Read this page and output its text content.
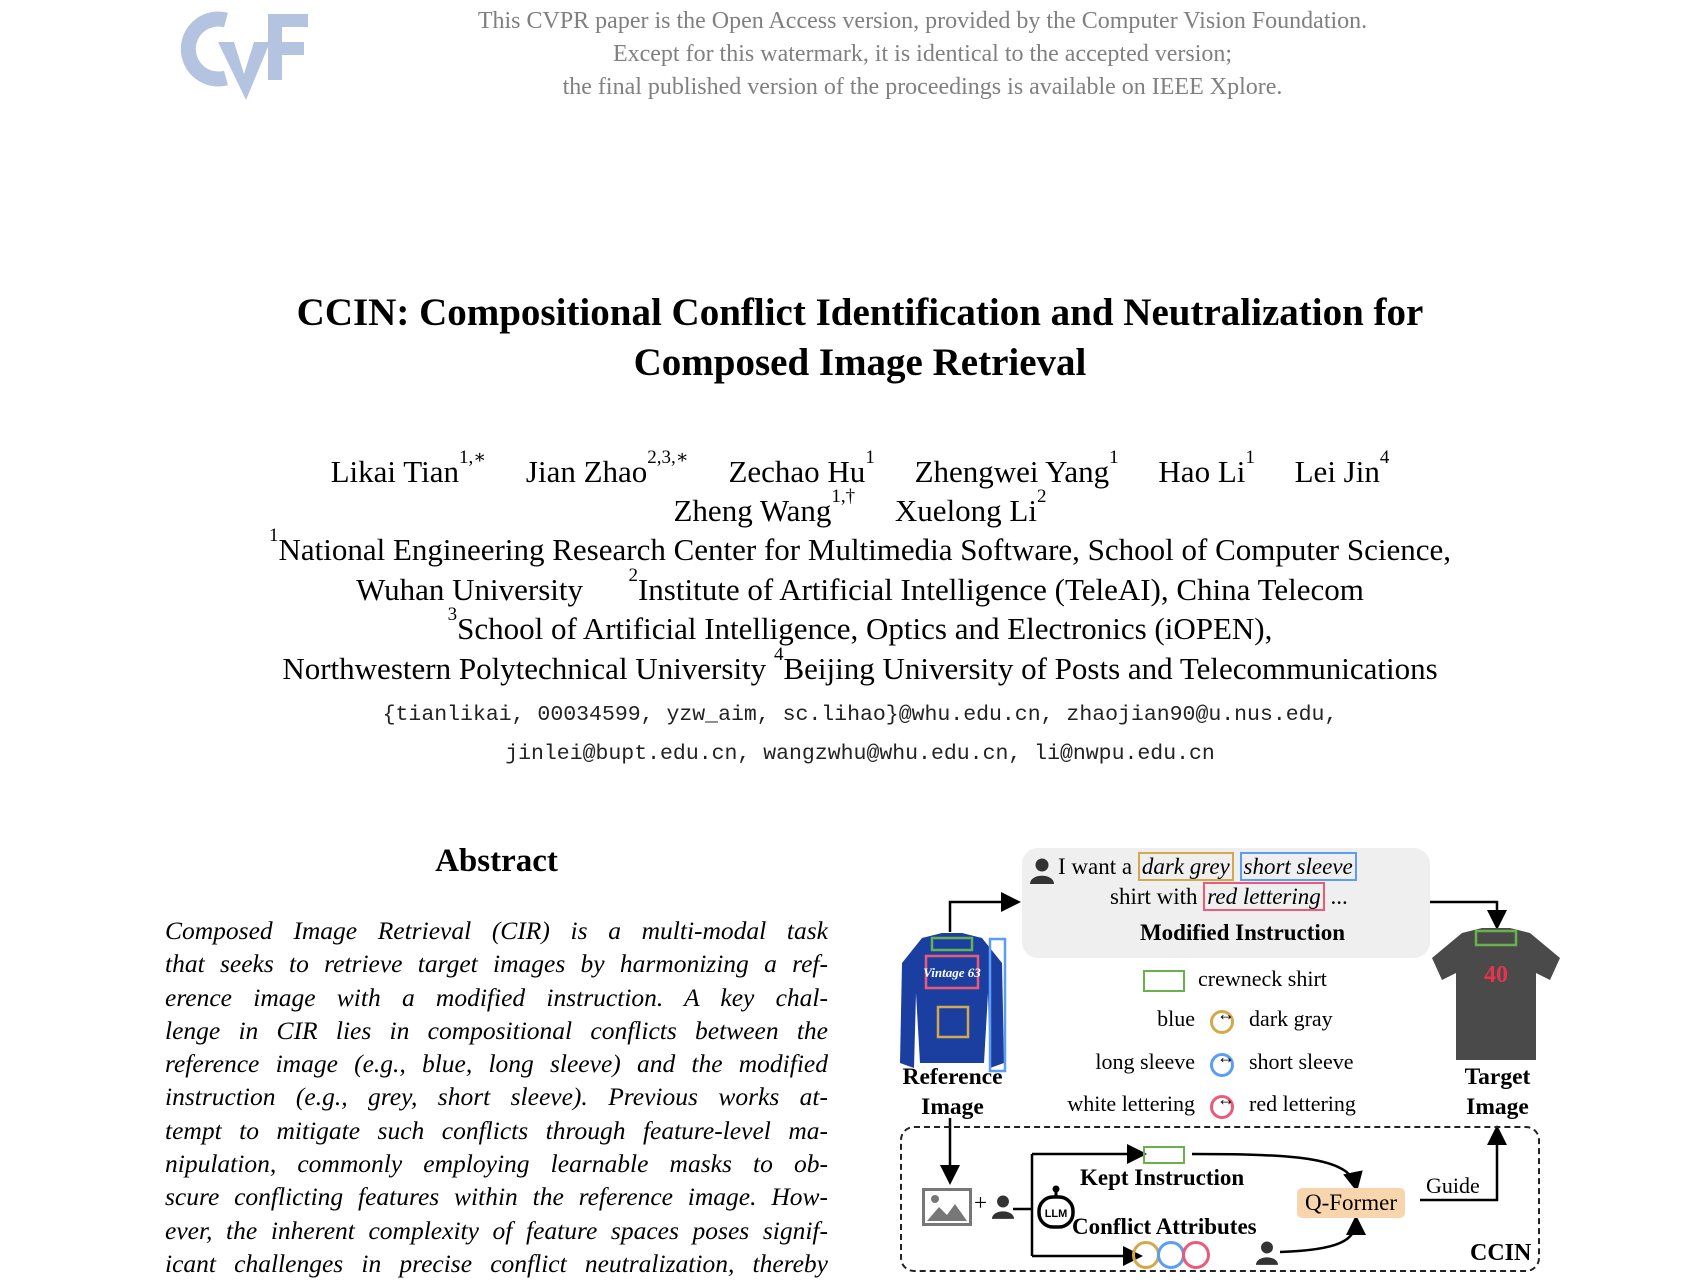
This CVPR paper is the Open Access version, provided by the Computer Vision Foundation.
Except for this watermark, it is identical to the accepted version;
the final published version of the proceedings is available on IEEE Xplore.
CCIN: Compositional Conflict Identification and Neutralization for
Composed Image Retrieval
Likai Tian$^{1,∗}$ Jian Zhao$^{2,3,∗}$ Zechao Hu$^1$ Zhengwei Yang$^1$ Hao Li$^1$ Lei Jin$^4$
Zheng Wang$^{1,\dagger}$ Xuelong Li$^2$
$^1$National Engineering Research Center for Multimedia Software, School of Computer Science,
Wuhan University $^2$Institute of Artificial Intelligence (TeleAI), China Telecom
$^3$School of Artificial Intelligence, Optics and Electronics (iOPEN),
Northwestern Polytechnical University $^4$Beijing University of Posts and Telecommunications
{tianlikai, 00034599, yzw_aim, sc.lihao}@whu.edu.cn, zhaojian90@u.nus.edu,
jinlei@bupt.edu.cn, wangzwhu@whu.edu.cn, li@nwpu.edu.cn
Abstract
Composed Image Retrieval (CIR) is a multi-modal task
that seeks to retrieve target images by harmonizing a ref-
erence image with a modified instruction. A key chal-
lenge in CIR lies in compositional conflicts between the
reference image (e.g., blue, long sleeve) and the modified
instruction (e.g., grey, short sleeve). Previous works at-
tempt to mitigate such conflicts through feature-level ma-
nipulation, commonly employing learnable masks to ob-
scure conflicting features within the reference image. How-
ever, the inherent complexity of feature spaces poses signif-
icant challenges in precise conflict neutralization, thereby
I want a dark grey short sleeve
shirt with red lettering ...
Modified Instruction
Vintage 63
Reference
Image
40
Target
Image
crewneck shirt
blue ↔ dark gray
long sleeve ↔ short sleeve
white lettering ↔ red lettering
+	LLM
Kept Instruction
Conflict Attributes
Q-Former
Guide
CCIN
